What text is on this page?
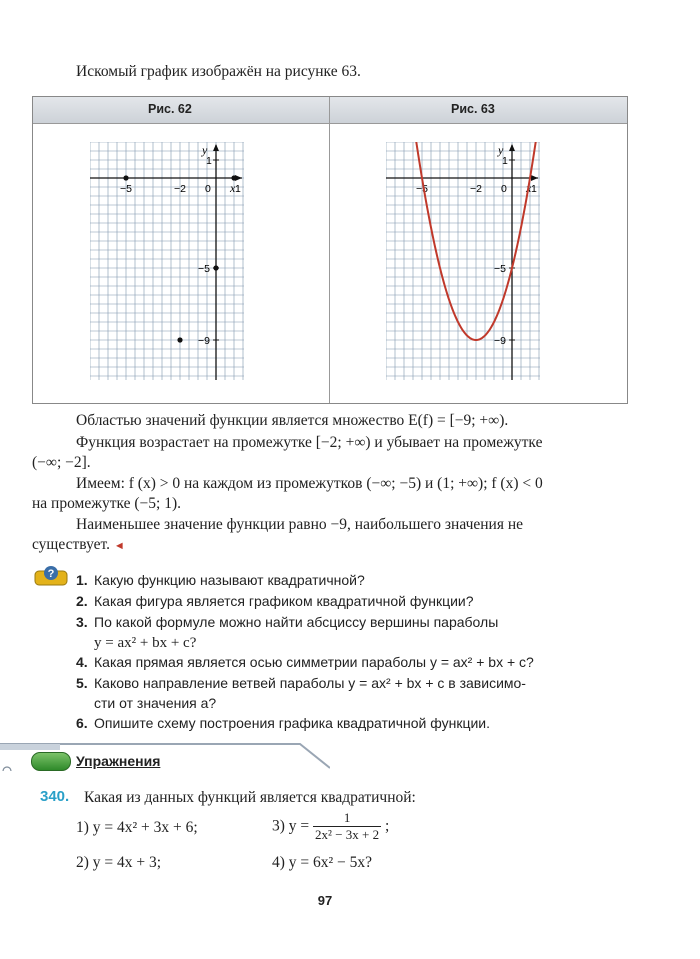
Искомый график изображён на рисунке 63.
Рис. 62	Рис. 63
x
y
−5	−2 0 1
1
−5
−9
x
y
−5	−2 0 1
1
−5
−9
Областью значений функции является множество E(f) = [−9; +∞).
Функция возрастает на промежутке [−2; +∞) и убывает на промежутке
(−∞; −2].
Имеем: f (x) > 0 на каждом из промежутков (−∞; −5) и (1; +∞); f (x) < 0
на промежутке (−5; 1).
Наименьшее значение функции равно −9, наибольшего значения не
существует. ◄
? 1. Какую функцию называют квадратичной?
2. Какая фигура является графиком квадратичной функции?
3. По какой формуле можно найти абсциссу вершины параболы
y = ax² + bx + c?
4. Какая прямая является осью симметрии параболы y = ax² + bx + c?
5. Каково направление ветвей параболы y = ax² + bx + c в зависимо-
сти от значения a?
6. Опишите схему построения графика квадратичной функции.
Упражнения
340. Какая из данных функций является квадратичной:
1) y = 4x² + 3x + 6;	3) $y = \frac{1}{\text{2x² − 3x + 2}}$ ;
2) y = 4x + 3;	4) y = 6x² − 5x?
97
